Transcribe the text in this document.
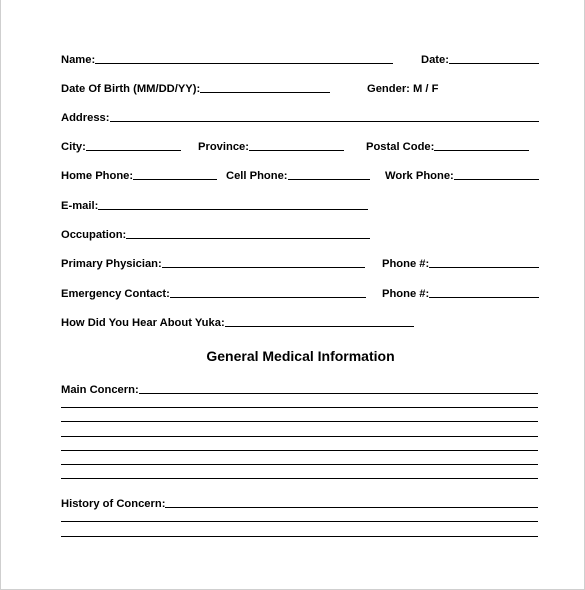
Name:	Date:
Date Of Birth (MM/DD/YY):	Gender: M / F
Address:
City:	Province:	Postal Code:
Home Phone:	Cell Phone:	Work Phone:
E-mail:
Occupation:
Primary Physician:	Phone #:
Emergency Contact:	Phone #:
How Did You Hear About Yuka:
General Medical Information
Main Concern:
History of Concern:
